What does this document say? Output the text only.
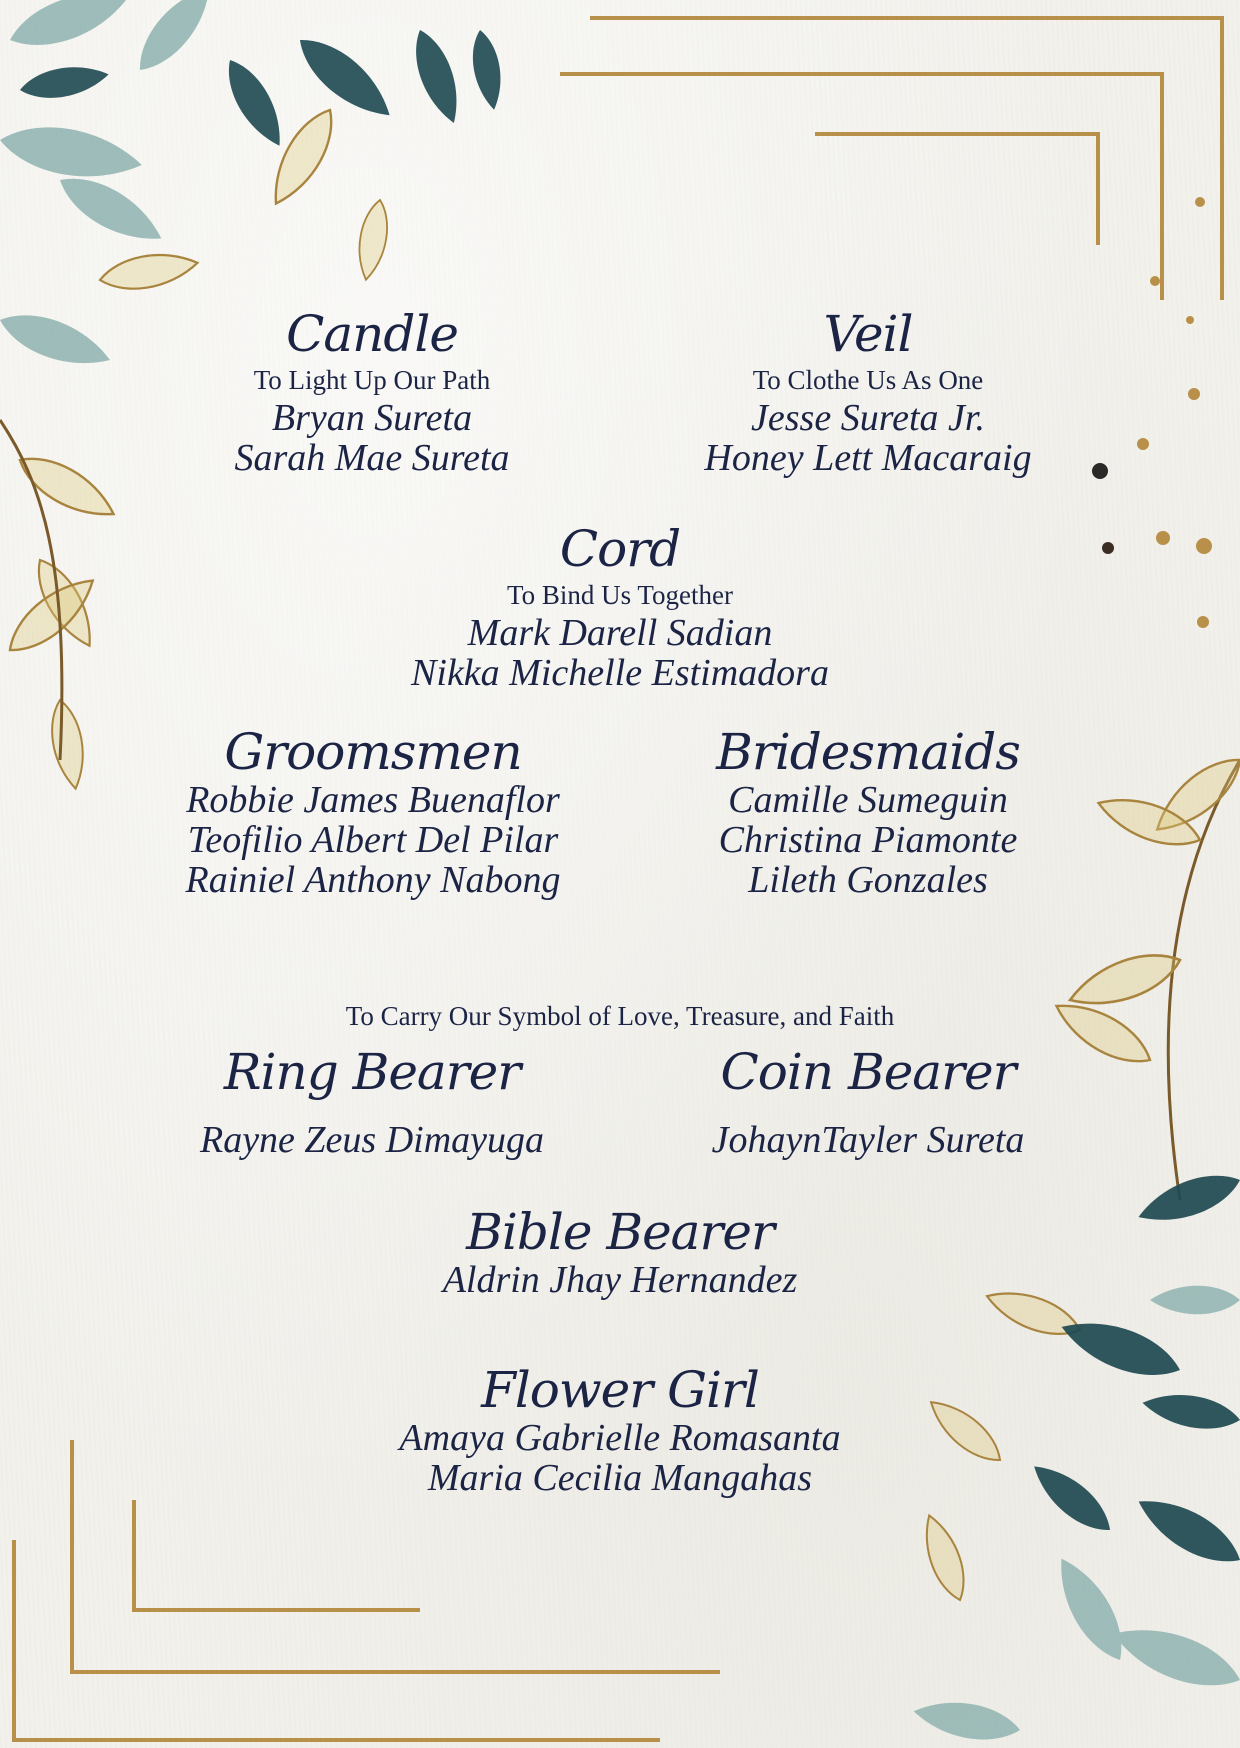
Candle
To Light Up Our Path
Bryan Sureta
Sarah Mae Sureta
Veil
To Clothe Us As One
Jesse Sureta Jr.
Honey Lett Macaraig
Cord
To Bind Us Together
Mark Darell Sadian
Nikka Michelle Estimadora
Groomsmen
Robbie James Buenaflor
Teofilio Albert Del Pilar
Rainiel Anthony Nabong
Bridesmaids
Camille Sumeguin
Christina Piamonte
Lileth Gonzales
To Carry Our Symbol of Love, Treasure, and Faith
Ring Bearer
Rayne Zeus Dimayuga
Coin Bearer
JohaynTayler Sureta
Bible Bearer
Aldrin Jhay Hernandez
Flower Girl
Amaya Gabrielle Romasanta
Maria Cecilia Mangahas
